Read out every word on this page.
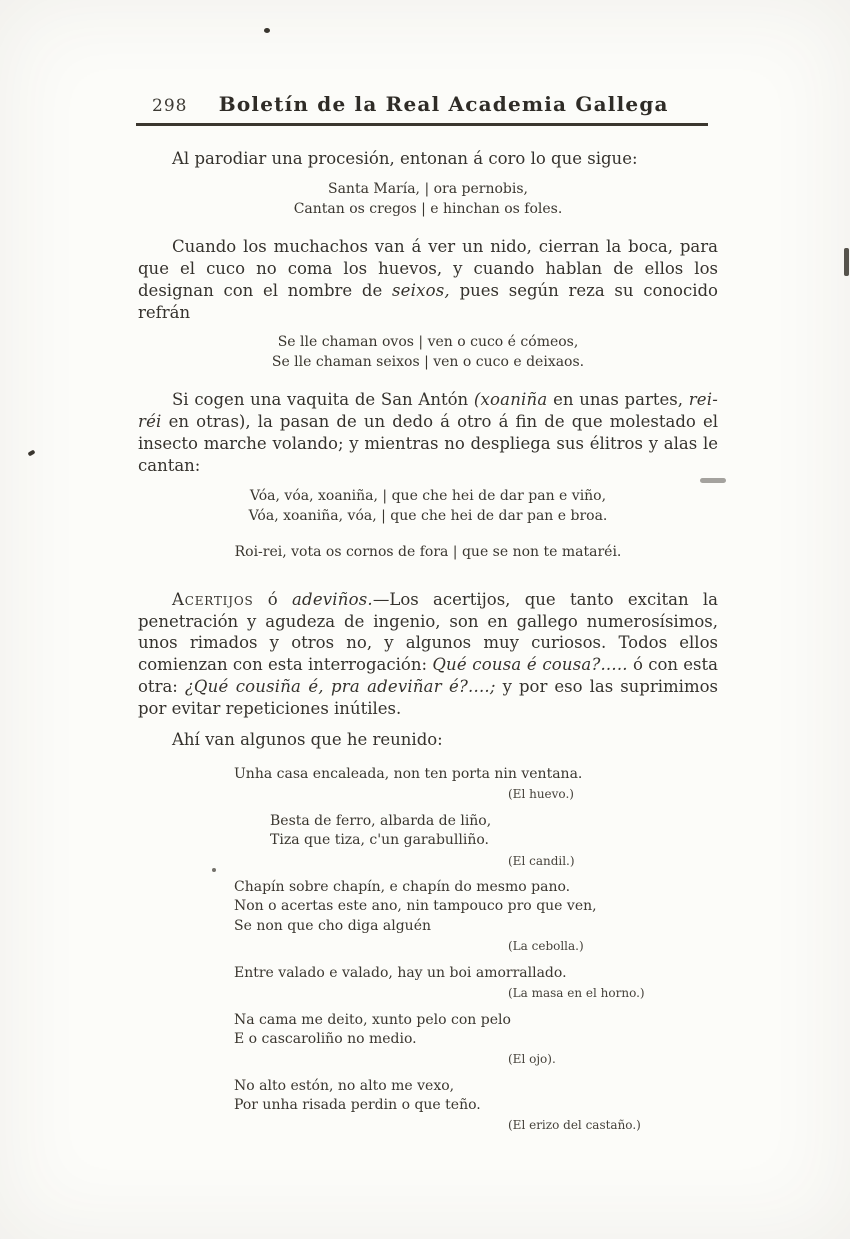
298	Boletín de la Real Academia Gallega

Al parodiar una procesión, entonan á coro lo que sigue:

Santa María, | ora pernobis,
Cantan os cregos | e hinchan os foles.

Cuando los muchachos van á ver un nido, cierran la boca, para que el cuco no coma los huevos, y cuando hablan de ellos los designan con el nombre de seixos, pues según reza su conocido refrán

Se lle chaman ovos | ven o cuco é cómeos,
Se lle chaman seixos | ven o cuco e deixaos.

Si cogen una vaquita de San Antón (xoaniña en unas partes, rei-réi en otras), la pasan de un dedo á otro á fin de que molestado el insecto marche volando; y mientras no despliega sus élitros y alas le cantan:

Vóa, vóa, xoaniña, | que che hei de dar pan e viño,
Vóa, xoaniña, vóa, | que che hei de dar pan e broa.
Roi-rei, vota os cornos de fora | que se non te mataréi.

Acertijos ó adeviños.—Los acertijos, que tanto excitan la penetración y agudeza de ingenio, son en gallego numerosísimos, unos rimados y otros no, y algunos muy curiosos. Todos ellos comienzan con esta interrogación: Qué cousa é cousa?..... ó con esta otra: ¿Qué cousiña é, pra adeviñar é?....; y por eso las suprimimos por evitar repeticiones inútiles.

Ahí van algunos que he reunido:

Unha casa encaleada, non ten porta nin ventana.
(El huevo.)
Besta de ferro, albarda de liño,
Tiza que tiza, c'un garabulliño.
(El candil.)
Chapín sobre chapín, e chapín do mesmo pano.
Non o acertas este ano, nin tampouco pro que ven,
Se non que cho diga alguén
(La cebolla.)
Entre valado e valado, hay un boi amorrallado.
(La masa en el horno.)
Na cama me deito, xunto pelo con pelo
E o cascaroliño no medio.
(El ojo).
No alto estón, no alto me vexo,
Por unha risada perdin o que teño.
(El erizo del castaño.)
